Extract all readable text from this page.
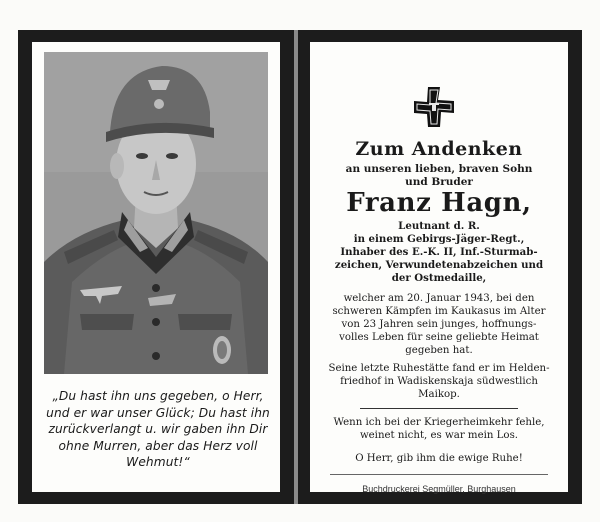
„Du hast ihn uns gegeben, o Herr,
und er war unser Glück; Du hast ihn
zurückverlangt u. wir gaben ihn Dir
ohne Murren, aber das Herz voll
Wehmut!“
Zum Andenken
an unseren lieben, braven Sohn
und Bruder
Franz Hagn,
Leutnant d. R.
in einem Gebirgs-Jäger-Regt.,
Inhaber des E.-K. II, Inf.-Sturmab-
zeichen, Verwundetenabzeichen und
der Ostmedaille,
welcher am 20. Januar 1943, bei den
schweren Kämpfen im Kaukasus im Alter
von 23 Jahren sein junges, hoffnungs-
volles Leben für seine geliebte Heimat
gegeben hat.
Seine letzte Ruhestätte fand er im Helden-
friedhof in Wadiskenskaja südwestlich
Maikop.
Wenn ich bei der Kriegerheimkehr fehle,
weinet nicht, es war mein Los.
O Herr, gib ihm die ewige Ruhe!
Buchdruckerei Segmüller, Burghausen
